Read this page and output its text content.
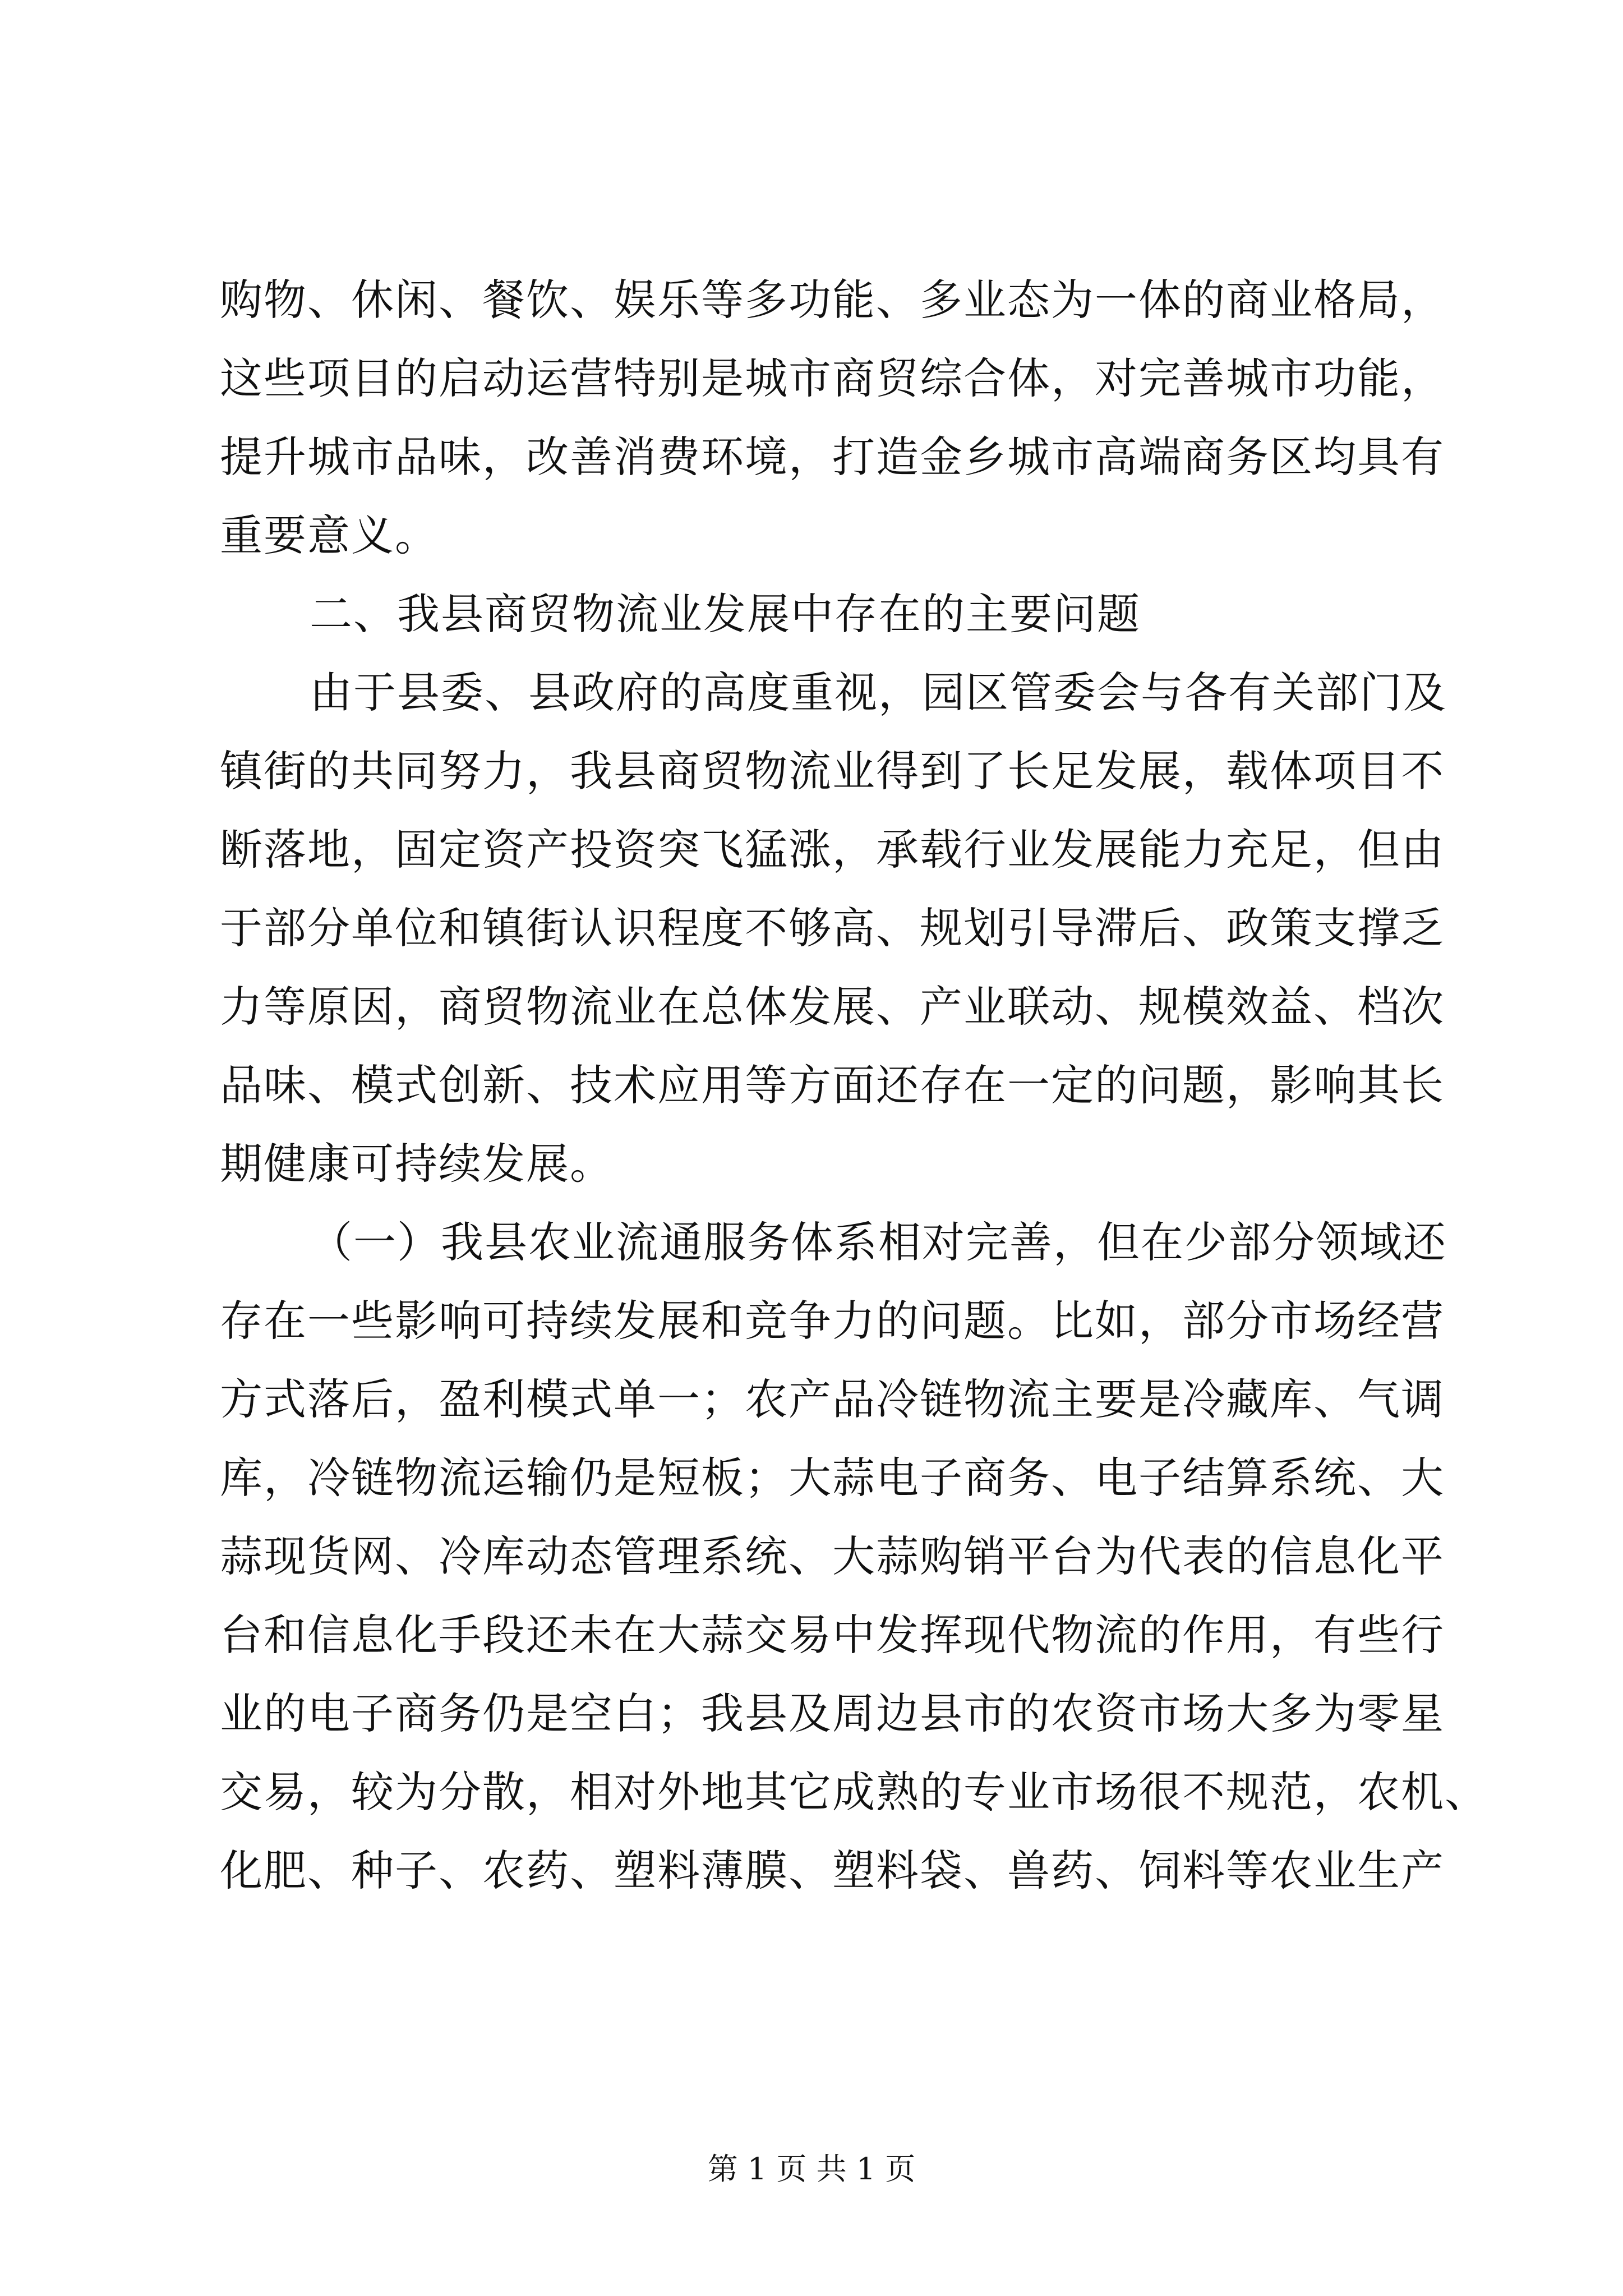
购物、休闲、餐饮、娱乐等多功能、多业态为一体的商业格局，
这些项目的启动运营特别是城市商贸综合体，对完善城市功能，
提升城市品味，改善消费环境，打造金乡城市高端商务区均具有
重要意义。
二、我县商贸物流业发展中存在的主要问题
由于县委、县政府的高度重视，园区管委会与各有关部门及
镇街的共同努力，我县商贸物流业得到了长足发展，载体项目不
断落地，固定资产投资突飞猛涨，承载行业发展能力充足，但由
于部分单位和镇街认识程度不够高、规划引导滞后、政策支撑乏
力等原因，商贸物流业在总体发展、产业联动、规模效益、档次
品味、模式创新、技术应用等方面还存在一定的问题，影响其长
期健康可持续发展。
（一）我县农业流通服务体系相对完善，但在少部分领域还
存在一些影响可持续发展和竞争力的问题。比如，部分市场经营
方式落后，盈利模式单一；农产品冷链物流主要是冷藏库、气调
库，冷链物流运输仍是短板；大蒜电子商务、电子结算系统、大
蒜现货网、冷库动态管理系统、大蒜购销平台为代表的信息化平
台和信息化手段还未在大蒜交易中发挥现代物流的作用，有些行
业的电子商务仍是空白；我县及周边县市的农资市场大多为零星
交易，较为分散，相对外地其它成熟的专业市场很不规范，农机、
化肥、种子、农药、塑料薄膜、塑料袋、兽药、饲料等农业生产
第 1 页 共 1 页
